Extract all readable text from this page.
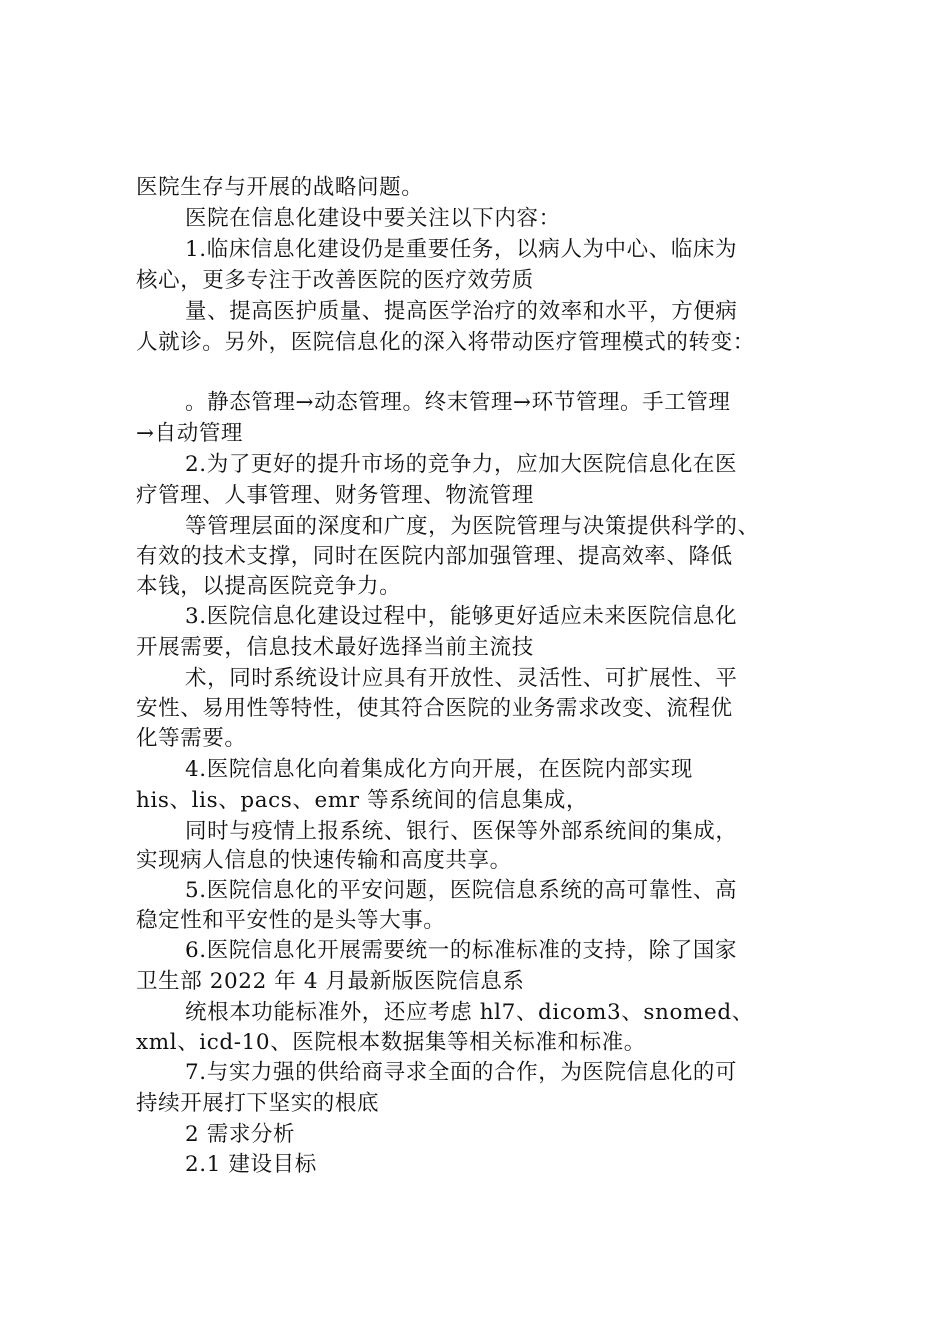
医院生存与开展的战略问题。
医院在信息化建设中要关注以下内容：
1.临床信息化建设仍是重要任务，以病人为中心、临床为
核心，更多专注于改善医院的医疗效劳质
量、提高医护质量、提高医学治疗的效率和水平，方便病
人就诊。另外，医院信息化的深入将带动医疗管理模式的转变：
。静态管理→动态管理。终末管理→环节管理。手工管理
→自动管理
2.为了更好的提升市场的竞争力，应加大医院信息化在医
疗管理、人事管理、财务管理、物流管理
等管理层面的深度和广度，为医院管理与决策提供科学的、
有效的技术支撑，同时在医院内部加强管理、提高效率、降低
本钱，以提高医院竞争力。
3.医院信息化建设过程中，能够更好适应未来医院信息化
开展需要，信息技术最好选择当前主流技
术，同时系统设计应具有开放性、灵活性、可扩展性、平
安性、易用性等特性，使其符合医院的业务需求改变、流程优
化等需要。
4.医院信息化向着集成化方向开展，在医院内部实现
his、lis、pacs、emr 等系统间的信息集成，
同时与疫情上报系统、银行、医保等外部系统间的集成，
实现病人信息的快速传输和高度共享。
5.医院信息化的平安问题，医院信息系统的高可靠性、高
稳定性和平安性的是头等大事。
6.医院信息化开展需要统一的标准标准的支持，除了国家
卫生部 2022 年 4 月最新版医院信息系
统根本功能标准外，还应考虑 hl7、dicom3、snomed、
xml、icd-10、医院根本数据集等相关标准和标准。
7.与实力强的供给商寻求全面的合作，为医院信息化的可
持续开展打下坚实的根底
2 需求分析
2.1 建设目标
